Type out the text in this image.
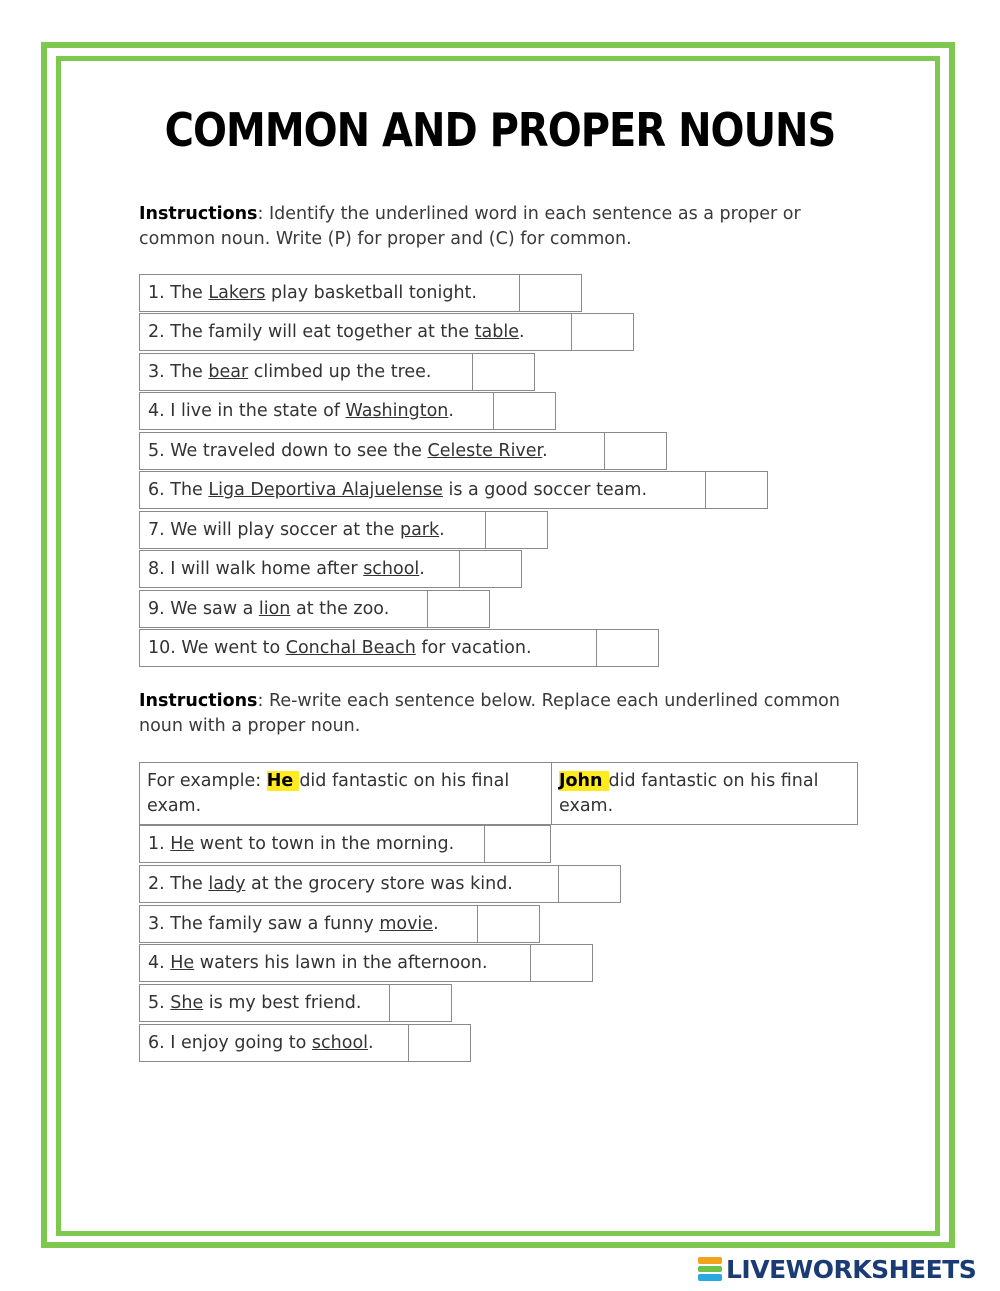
COMMON AND PROPER NOUNS
Instructions: Identify the underlined word in each sentence as a proper or common noun. Write (P) for proper and (C) for common.
1. The Lakers play basketball tonight.
2. The family will eat together at the table.
3. The bear climbed up the tree.
4. I live in the state of Washington.
5. We traveled down to see the Celeste River.
6. The Liga Deportiva Alajuelense is a good soccer team.
7. We will play soccer at the park.
8. I will walk home after school.
9. We saw a lion at the zoo.
10. We went to Conchal Beach for vacation.
Instructions: Re-write each sentence below. Replace each underlined common noun with a proper noun.
For example: He did fantastic on his final exam.
John did fantastic on his final exam.
1. He went to town in the morning.
2. The lady at the grocery store was kind.
3. The family saw a funny movie.
4. He waters his lawn in the afternoon.
5. She is my best friend.
6. I enjoy going to school.
LIVEWORKSHEETS
